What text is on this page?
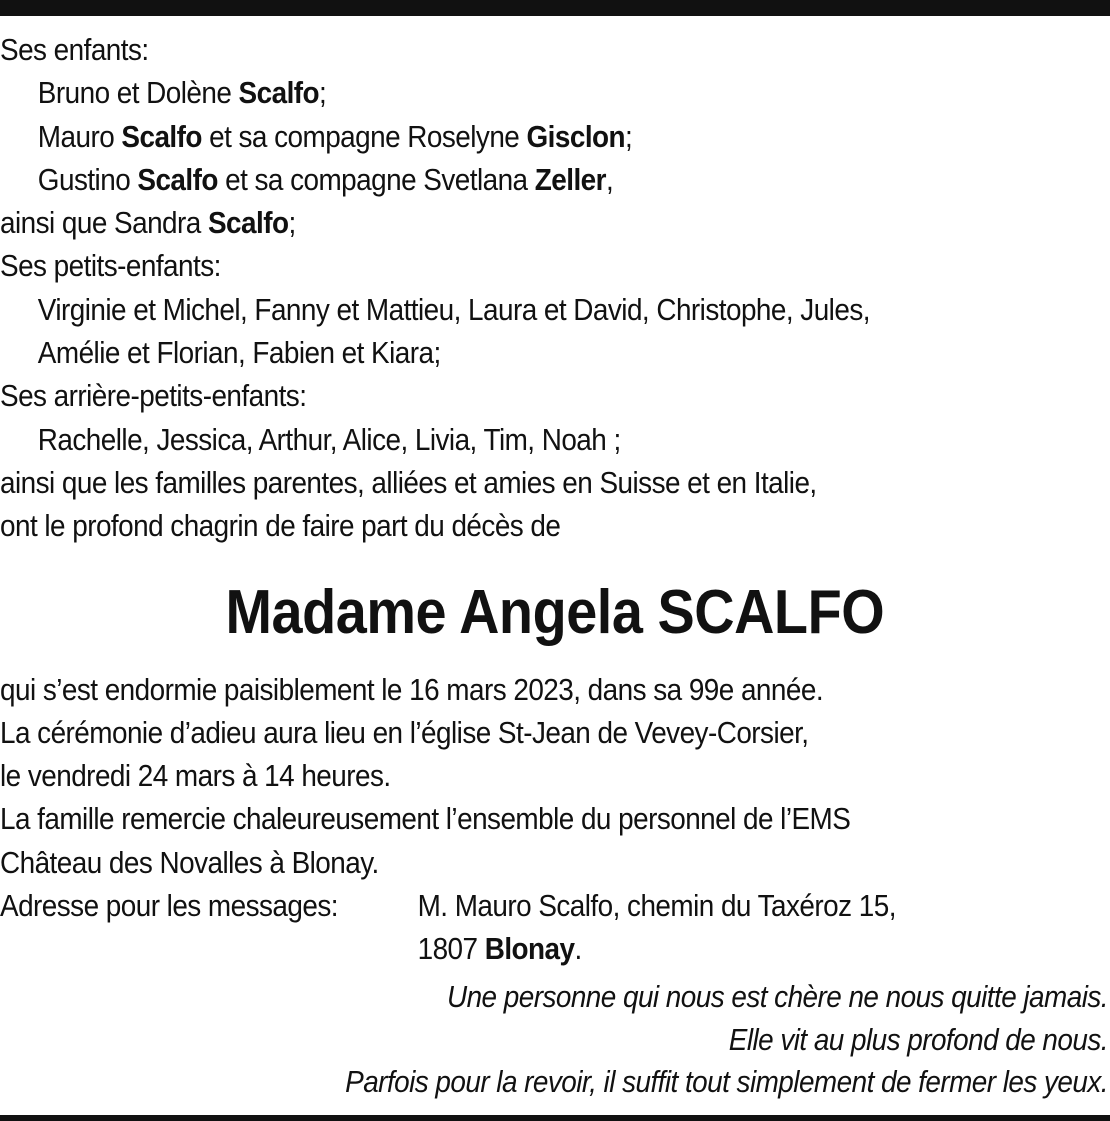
Ses enfants:
Bruno et Dolène Scalfo;
Mauro Scalfo et sa compagne Roselyne Gisclon;
Gustino Scalfo et sa compagne Svetlana Zeller,
ainsi que Sandra Scalfo;
Ses petits-enfants:
Virginie et Michel, Fanny et Mattieu, Laura et David, Christophe, Jules,
Amélie et Florian, Fabien et Kiara;
Ses arrière-petits-enfants:
Rachelle, Jessica, Arthur, Alice, Livia, Tim, Noah ;
ainsi que les familles parentes, alliées et amies en Suisse et en Italie,
ont le profond chagrin de faire part du décès de
Madame Angela SCALFO
qui s’est endormie paisiblement le 16 mars 2023, dans sa 99e année.
La cérémonie d’adieu aura lieu en l’église St-Jean de Vevey-Corsier,
le vendredi 24 mars à 14 heures.
La famille remercie chaleureusement l’ensemble du personnel de l’EMS
Château des Novalles à Blonay.
Adresse pour les messages:	M. Mauro Scalfo, chemin du Taxéroz 15,
1807 Blonay.
Une personne qui nous est chère ne nous quitte jamais.
Elle vit au plus profond de nous.
Parfois pour la revoir, il suffit tout simplement de fermer les yeux.
